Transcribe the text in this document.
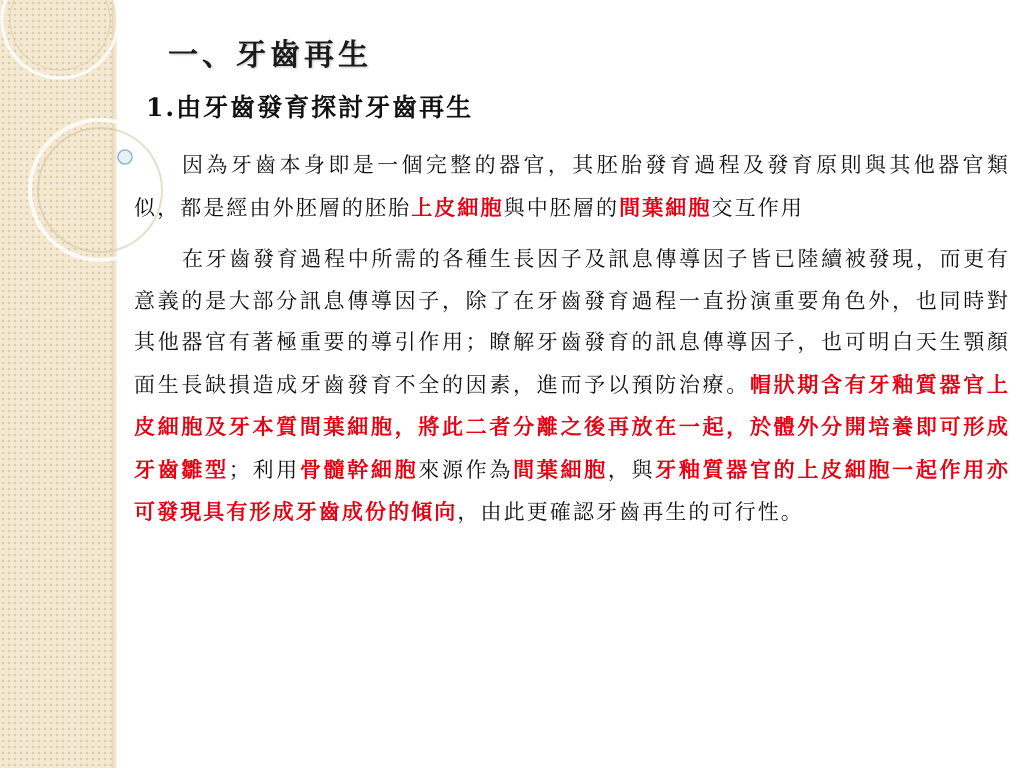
一、牙齒再生
1.由牙齒發育探討牙齒再生

因為牙齒本身即是一個完整的器官，其胚胎發育過程及發育原則與其他器官類似，都是經由外胚層的胚胎上皮細胞與中胚層的間葉細胞交互作用

在牙齒發育過程中所需的各種生長因子及訊息傳導因子皆已陸續被發現，而更有意義的是大部分訊息傳導因子，除了在牙齒發育過程一直扮演重要角色外，也同時對其他器官有著極重要的導引作用；瞭解牙齒發育的訊息傳導因子，也可明白天生顎顏面生長缺損造成牙齒發育不全的因素，進而予以預防治療。帽狀期含有牙釉質器官上皮細胞及牙本質間葉細胞，將此二者分離之後再放在一起，於體外分開培養即可形成牙齒雛型；利用骨髓幹細胞來源作為間葉細胞，與牙釉質器官的上皮細胞一起作用亦可發現具有形成牙齒成份的傾向，由此更確認牙齒再生的可行性。
